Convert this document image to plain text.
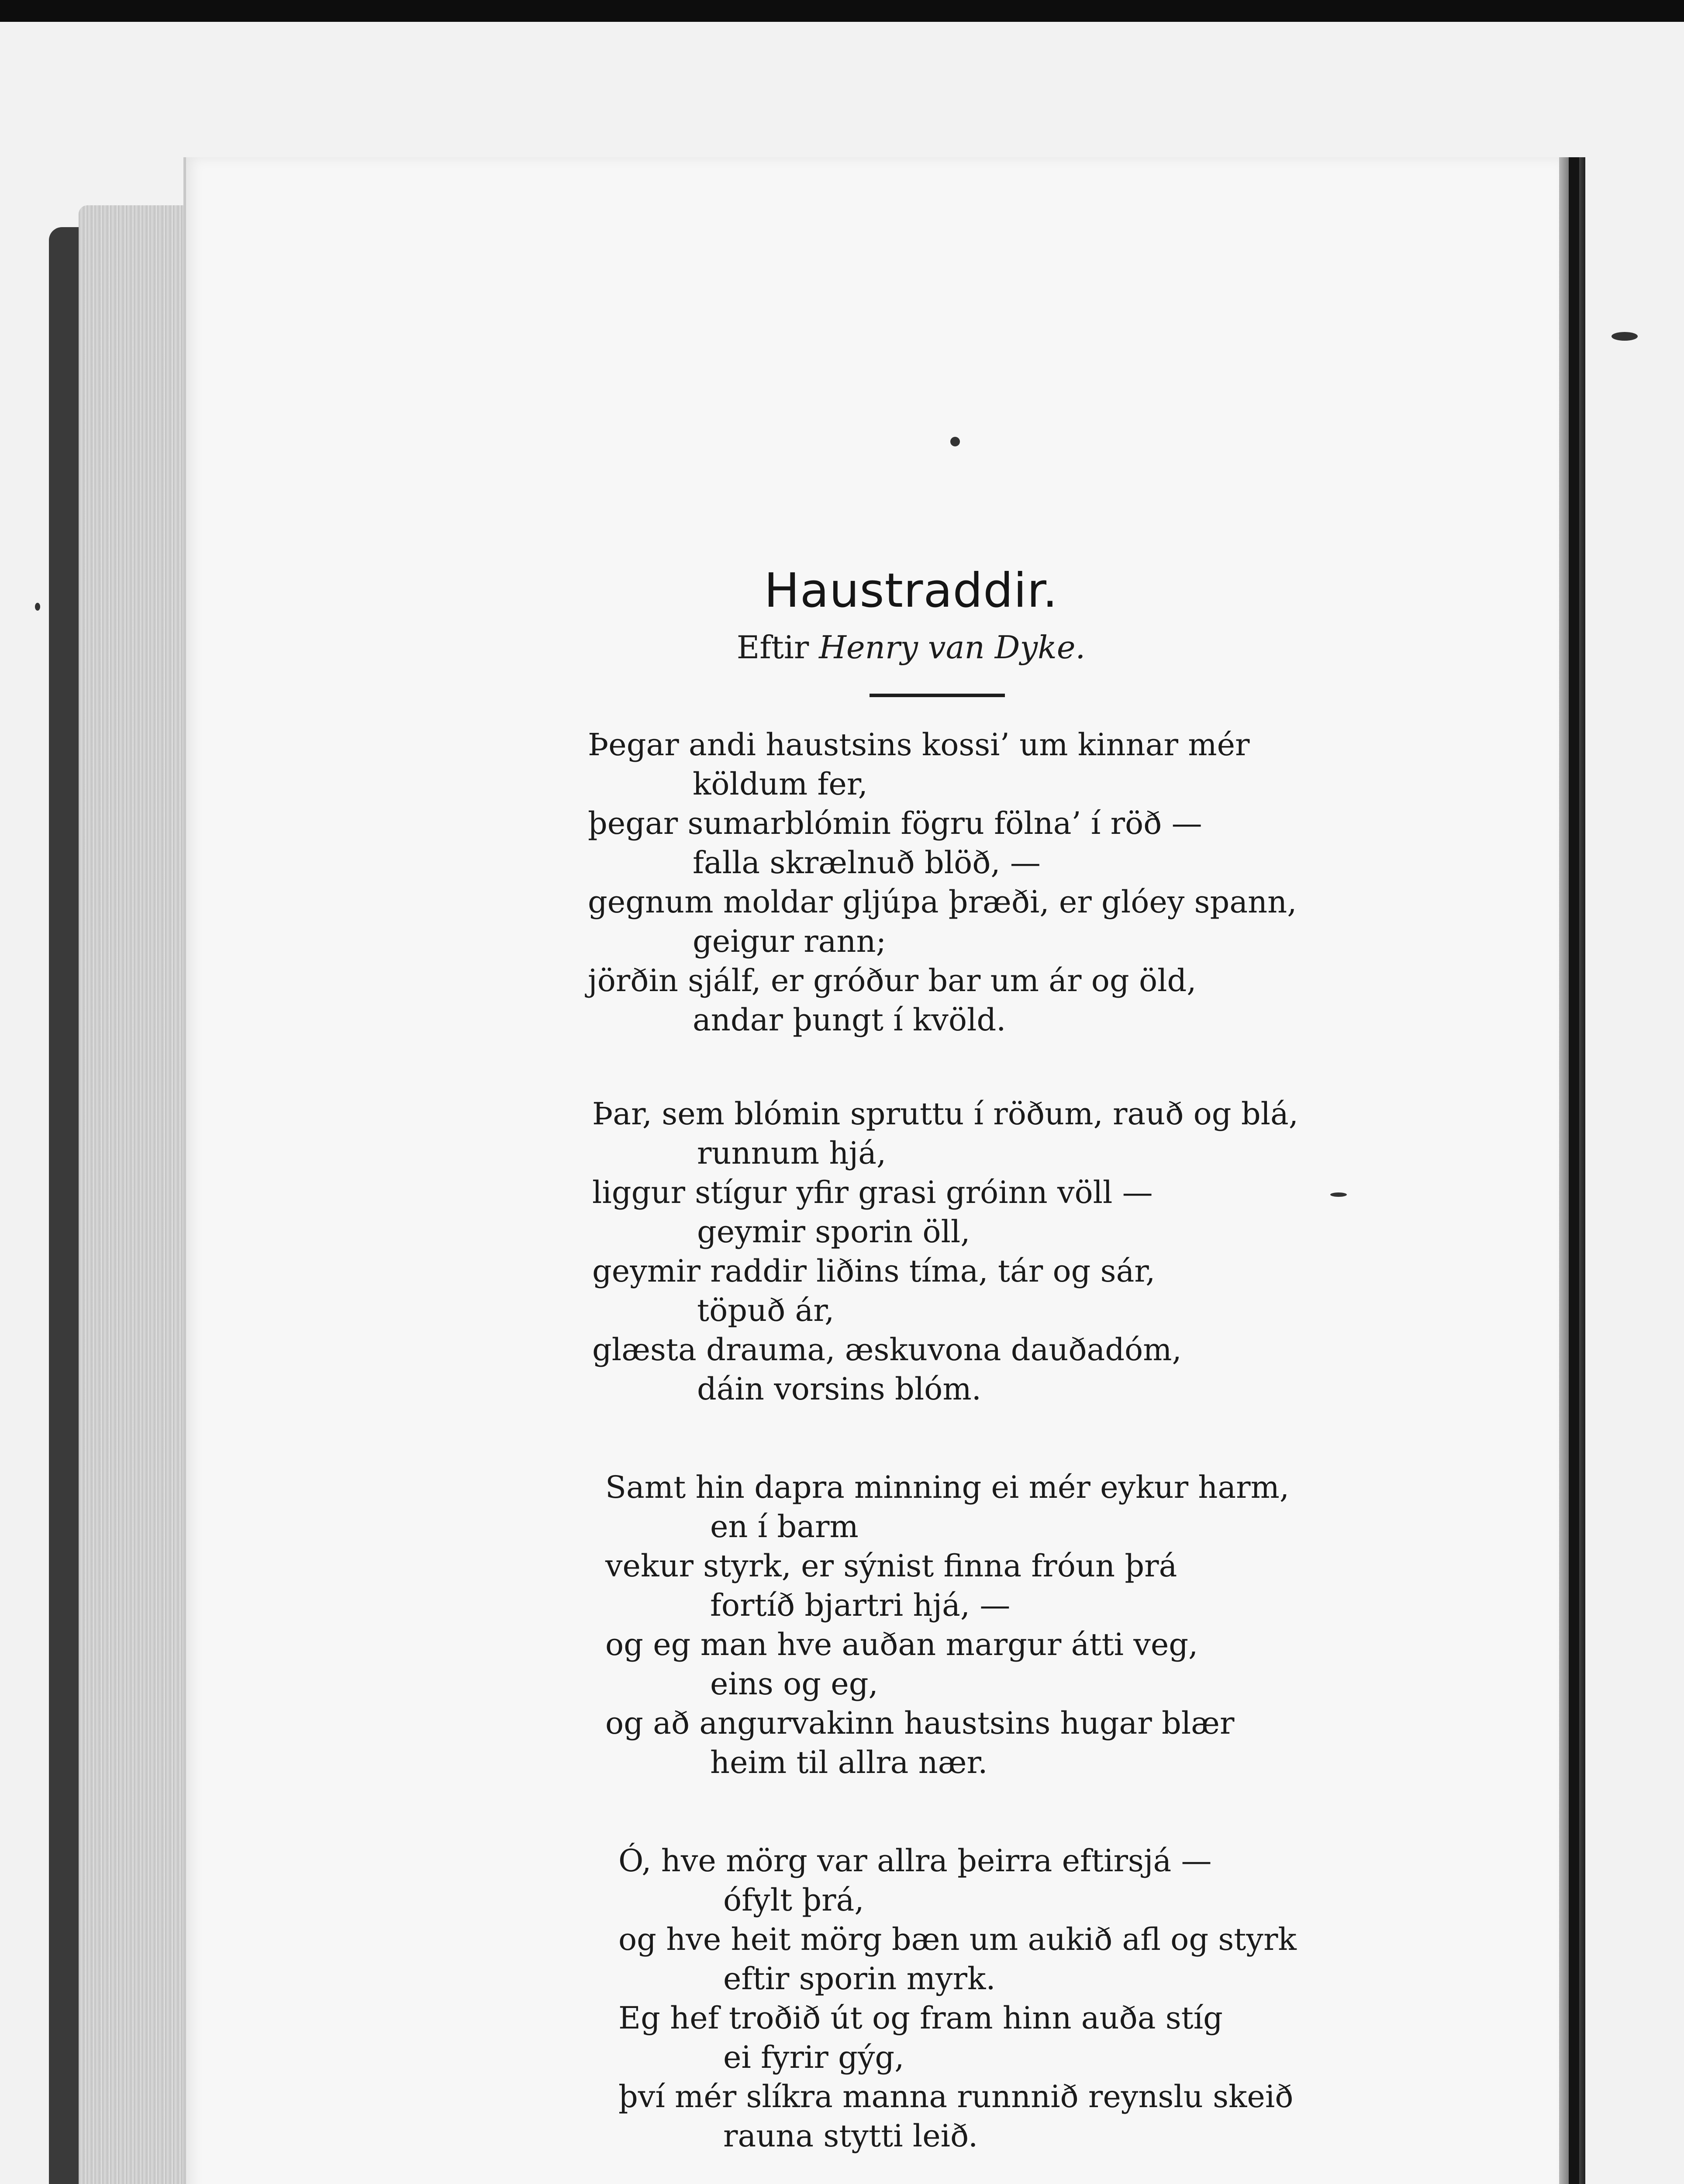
Haustraddir.
Eftir Henry van Dyke.
Þegar andi haustsins kossi’ um kinnar mér
köldum fer,
þegar sumarblómin fögru fölna’ í röð —
falla skrælnuð blöð, —
gegnum moldar gljúpa þræði, er glóey spann,
geigur rann;
jörðin sjálf, er gróður bar um ár og öld,
andar þungt í kvöld.
Þar, sem blómin spruttu í röðum, rauð og blá,
runnum hjá,
liggur stígur yfir grasi gróinn völl —
geymir sporin öll,
geymir raddir liðins tíma, tár og sár,
töpuð ár,
glæsta drauma, æskuvona dauðadóm,
dáin vorsins blóm.
Samt hin dapra minning ei mér eykur harm,
en í barm
vekur styrk, er sýnist finna fróun þrá
fortíð bjartri hjá, —
og eg man hve auðan margur átti veg,
eins og eg,
og að angurvakinn haustsins hugar blær
heim til allra nær.
Ó, hve mörg var allra þeirra eftirsjá —
ófylt þrá,
og hve heit mörg bæn um aukið afl og styrk
eftir sporin myrk.
Eg hef troðið út og fram hinn auða stíg
ei fyrir gýg,
því mér slíkra manna runnnið reynslu skeið
rauna stytti leið.
